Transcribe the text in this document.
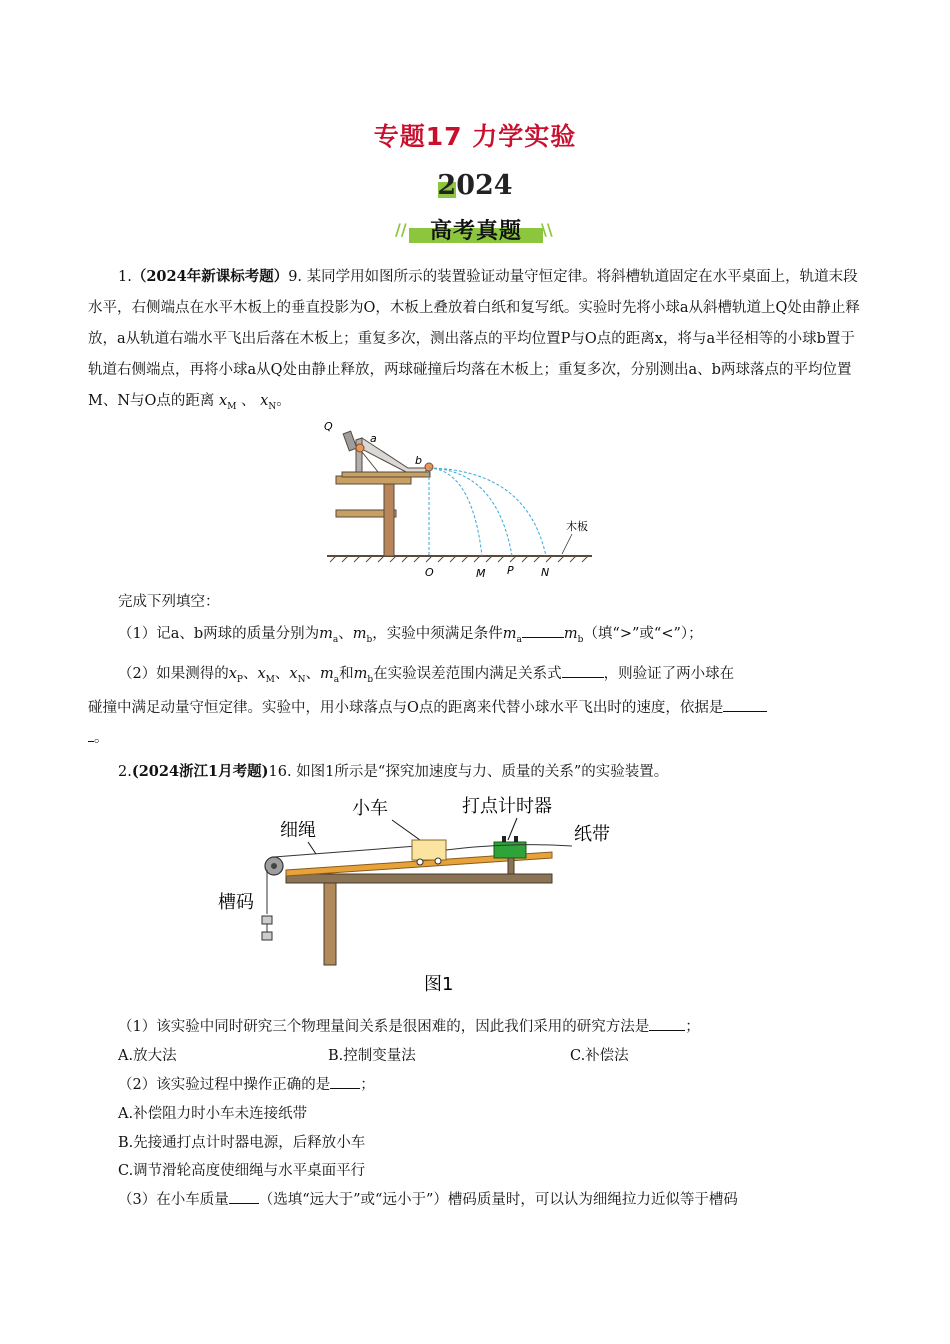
专题17 力学实验
2024
//	高考真题	\\
1.（2024年新课标考题）9. 某同学用如图所示的装置验证动量守恒定律。将斜槽轨道固定在水平桌面上，轨道末段水平，右侧端点在水平木板上的垂直投影为O，木板上叠放着白纸和复写纸。实验时先将小球a从斜槽轨道上Q处由静止释放，a从轨道右端水平飞出后落在木板上；重复多次，测出落点的平均位置P与O点的距离x，将与a半径相等的小球b置于轨道右侧端点，再将小球a从Q处由静止释放，两球碰撞后均落在木板上；重复多次，分别测出a、b两球落点的平均位置M、N与O点的距离 $x_M$ 、 $x_N$。
Q
a
b
木板
O	M P N
完成下列填空：
（1）记a、b两球的质量分别为$m_a$、$m_b$，实验中须满足条件$m_a$	$m_b$（填“>”或“<”）；
（2）如果测得的$x_P$、$x_M$、$x_N$、$m_a$和$m_b$在实验误差范围内满足关系式	，则验证了两小球在
碰撞中满足动量守恒定律。实验中，用小球落点与O点的距离来代替小球水平飞出时的速度，依据是
。
2.(2024浙江1月考题)16. 如图1所示是“探究加速度与力、质量的关系”的实验装置。
小车	打点计时器
细绳	纸带
槽码
图1
（1）该实验中同时研究三个物理量间关系是很困难的，因此我们采用的研究方法是 ；
A.放大法	B.控制变量法	C.补偿法
（2）该实验过程中操作正确的是 ；
A.补偿阻力时小车未连接纸带
B.先接通打点计时器电源，后释放小车
C.调节滑轮高度使细绳与水平桌面平行
（3）在小车质量 （选填“远大于”或“远小于”）槽码质量时，可以认为细绳拉力近似等于槽码
